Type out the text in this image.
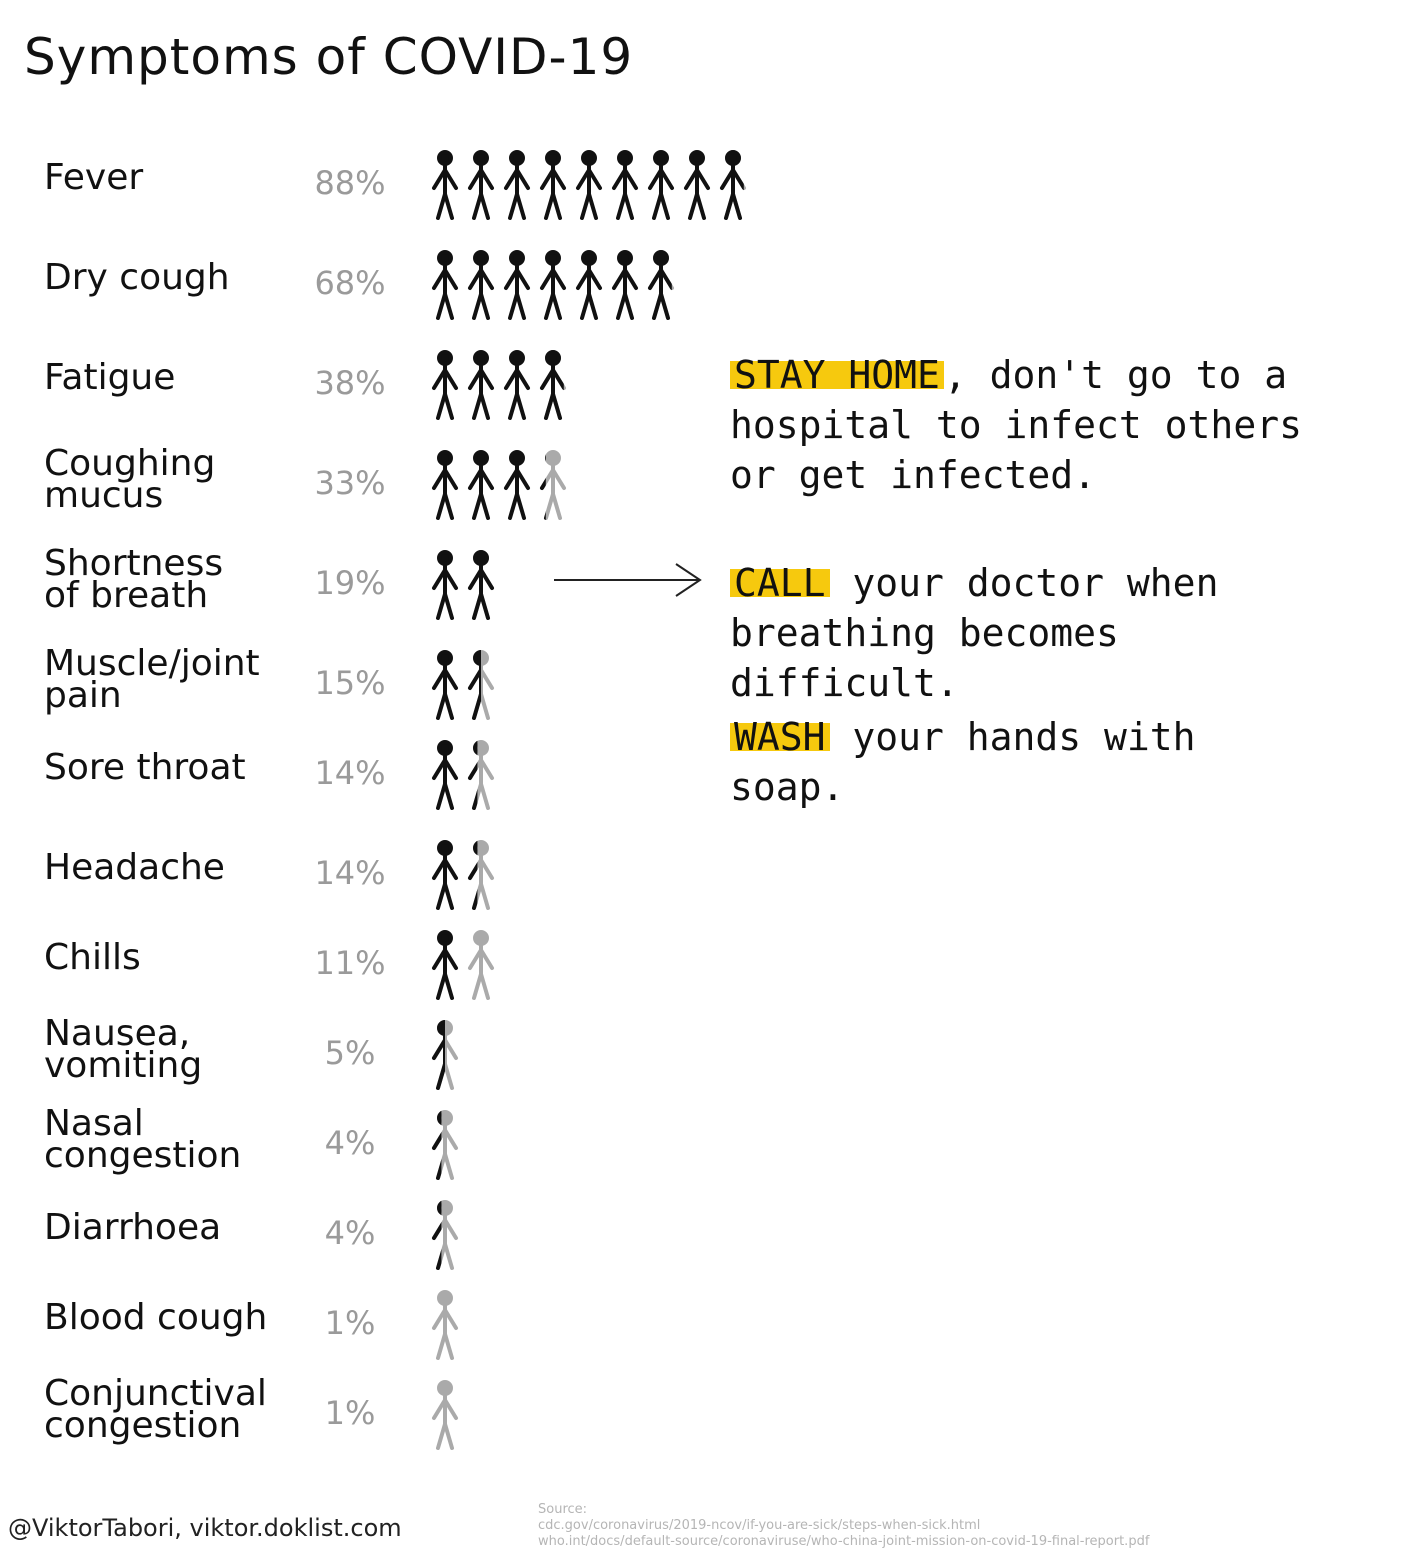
Symptoms of COVID-19
Fever	88%
Dry cough	68%
Fatigue	38%
Coughing
mucus	33%
Shortness
of breath	19%
Muscle/joint
pain	15%
Sore throat	14%
Headache	14%
Chills	11%
Nausea,
vomiting	5%
Nasal
congestion	4%
Diarrhoea	4%
Blood cough	1%
Conjunctival
congestion	1%
STAY HOME , don't go to a hospital to infect others or get infected.
CALL your doctor when breathing becomes difficult.
WASH your hands with soap.
@ViktorTabori, viktor.doklist.com
Source:
cdc.gov/coronavirus/2019-ncov/if-you-are-sick/steps-when-sick.html
who.int/docs/default-source/coronaviruse/who-china-joint-mission-on-covid-19-final-report.pdf
